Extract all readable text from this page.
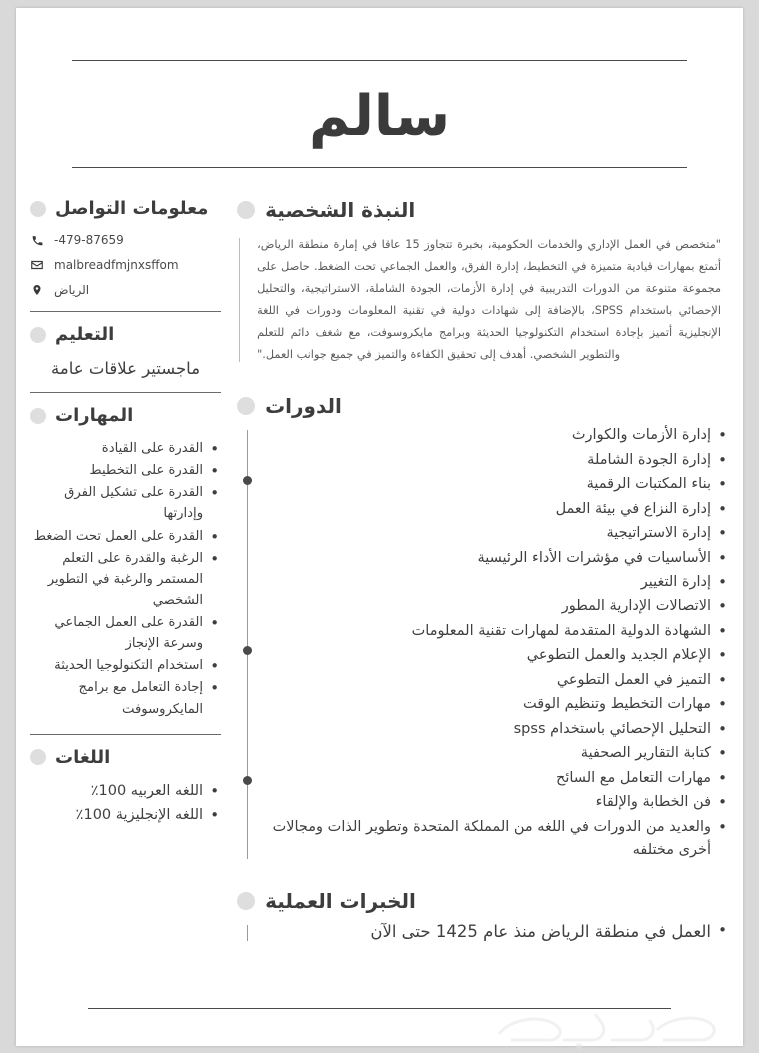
سالم
النبذة الشخصية
"متخصص في العمل الإداري والخدمات الحكومية، بخبرة تتجاوز 15 عاقا في إمارة منطقة الرياض، أتمتع بمهارات قيادية متميزة في التخطيط، إدارة الفرق، والعمل الجماعي تحت الضغط. حاصل على مجموعة متنوعة من الدورات التدريبية في إدارة الأزمات، الجودة الشاملة، الاستراتيجية، والتحليل الإحصائي باستخدام SPSS، بالإضافة إلى شهادات دولية في تقنية المعلومات ودورات في اللغة الإنجليزية أتميز بإجادة استخدام التكنولوجيا الحديثة وبرامج مايكروسوفت، مع شغف دائم للتعلم والتطوير الشخصي. أهدف إلى تحقيق الكفاءة والتميز في جميع جوانب العمل."
الدورات
• إدارة الأزمات والكوارث
• إدارة الجودة الشاملة
• بناء المكتبات الرقمية
• إدارة النزاع في بيئة العمل
• إدارة الاستراتيجية
• الأساسيات في مؤشرات الأداء الرئيسية
• إدارة التغيير
• الاتصالات الإدارية المطور
• الشهادة الدولية المتقدمة لمهارات تقنية المعلومات
• الإعلام الجديد والعمل التطوعي
• التميز في العمل التطوعي
• مهارات التخطيط وتنظيم الوقت
• التحليل الإحصائي باستخدام spss
• كتابة التقارير الصحفية
• مهارات التعامل مع السائح
• فن الخطابة والإلقاء
• والعديد من الدورات في اللغه من المملكة المتحدة وتطوير الذات ومجالات أخرى مختلفه
الخبرات العملية
• العمل في منطقة الرياض منذ عام 1425 حتى الآن
معلومات التواصل
-479-87659
malbreadfmjnxsffom
الرياض
التعليم
ماجستير علاقات عامة
المهارات
• القدرة على القيادة
• القدرة على التخطيط
• القدرة على تشكيل الفرق وإدارتها
• القدرة على العمل تحت الضغط
• الرغبة والقدرة على التعلم المستمر والرغبة في التطوير الشخصي
• القدرة على العمل الجماعي وسرعة الإنجاز
• استخدام التكنولوجيا الحديثة
• إجادة التعامل مع برامج المايكروسوفت
اللغات
• اللغه العربيه 100٪
• اللغه الإنجليزية 100٪
